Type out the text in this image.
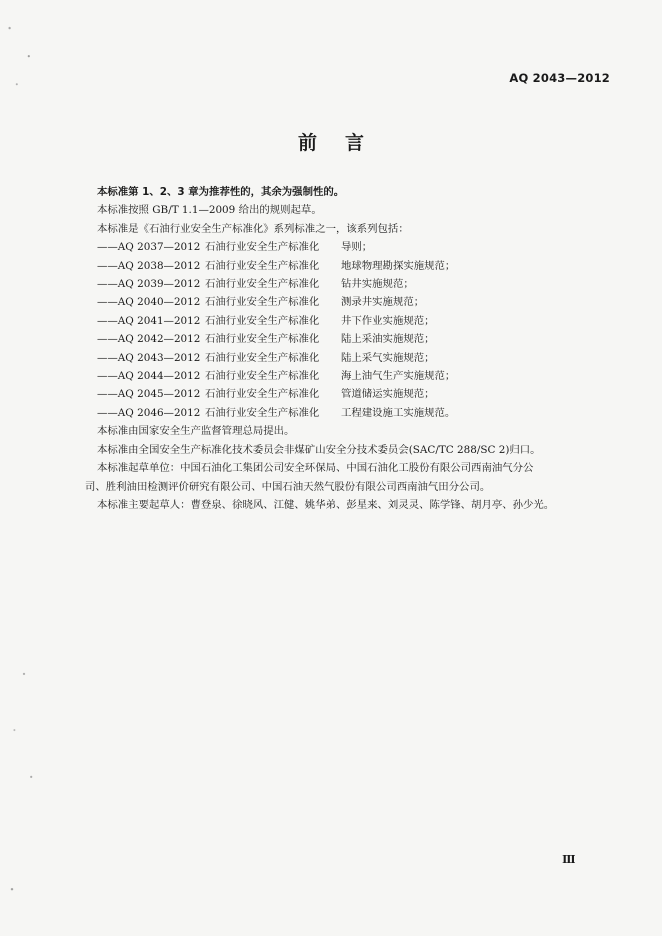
AQ 2043—2012
前言
本标准第 1、2、3 章为推荐性的，其余为强制性的。
本标准按照 GB/T 1.1—2009 给出的规则起草。
本标准是《石油行业安全生产标准化》系列标准之一，该系列包括：
——AQ 2037—2012 石油行业安全生产标准化 导则；
——AQ 2038—2012 石油行业安全生产标准化 地球物理勘探实施规范；
——AQ 2039—2012 石油行业安全生产标准化 钻井实施规范；
——AQ 2040—2012 石油行业安全生产标准化 测录井实施规范；
——AQ 2041—2012 石油行业安全生产标准化 井下作业实施规范；
——AQ 2042—2012 石油行业安全生产标准化 陆上采油实施规范；
——AQ 2043—2012 石油行业安全生产标准化 陆上采气实施规范；
——AQ 2044—2012 石油行业安全生产标准化 海上油气生产实施规范；
——AQ 2045—2012 石油行业安全生产标准化 管道储运实施规范；
——AQ 2046—2012 石油行业安全生产标准化 工程建设施工实施规范。
本标准由国家安全生产监督管理总局提出。
本标准由全国安全生产标准化技术委员会非煤矿山安全分技术委员会(SAC/TC 288/SC 2)归口。
本标准起草单位：中国石油化工集团公司安全环保局、中国石油化工股份有限公司西南油气分公
司、胜利油田检测评价研究有限公司、中国石油天然气股份有限公司西南油气田分公司。
本标准主要起草人：曹登泉、徐晓风、江健、姚华弟、彭星来、刘灵灵、陈学锋、胡月亭、孙少光。
Ⅲ
